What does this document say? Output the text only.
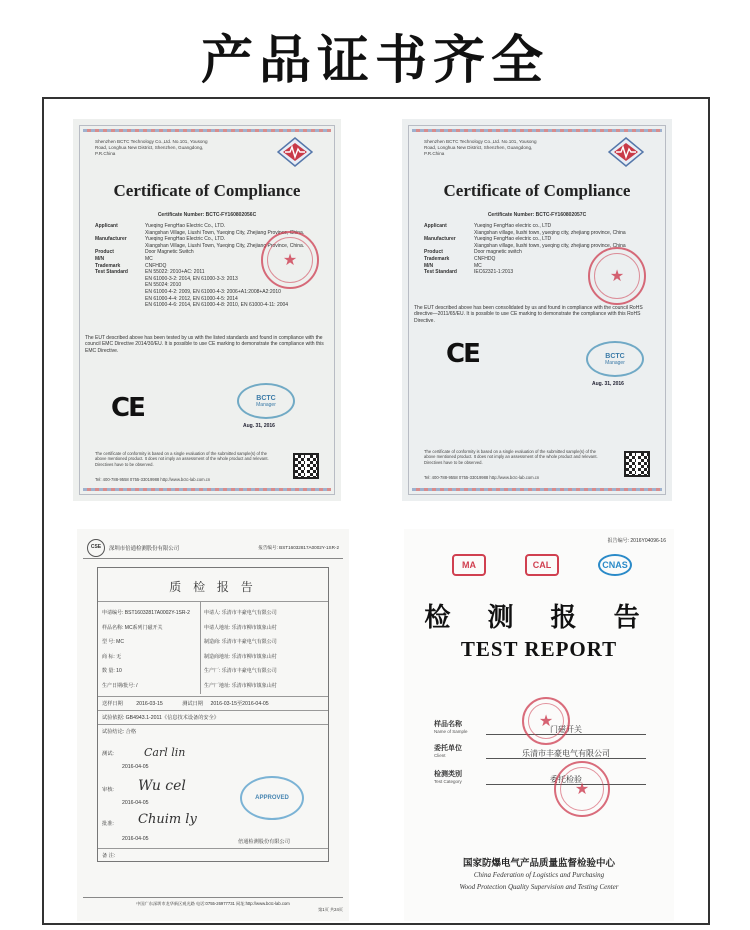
产品证书齐全
Shenzhen BCTC Technology Co.,Ltd. No.101, Yousong Road, Longhua New District, Shenzhen, Guangdong, P.R.China
Certificate of Compliance
Certificate Number: BCTC-FY160802056C
Applicant	Yueqing FengHao Electric Co., LTD.
Xiangshan Village, Liushi Town, Yueqing City, Zhejiang Province, China.
Manufacturer	Yueqing FengHao Electric Co., LTD.
Xiangshan Village, Liushi Town, Yueqing City, Zhejiang Province, China.
Product	Door Magnetic Switch
M/N	MC
Trademark	CNFHDQ
Test Standard	EN 55022: 2010+AC: 2011
EN 61000-3-2: 2014, EN 61000-3-3: 2013
EN 55024: 2010
EN 61000-4-2: 2009, EN 61000-4-3: 2006+A1:2008+A2:2010
EN 61000-4-4: 2012, EN 61000-4-5: 2014
EN 61000-4-6: 2014, EN 61000-4-8: 2010, EN 61000-4-11: 2004
★
The EUT described above has been tested by us with the listed standards and found in compliance with the council EMC Directive 2014/30/EU. It is possible to use CE marking to demonstrate the compliance with this EMC Directive.
CE	BCTC
Manager
Aug. 31, 2016
The certificate of conformity is based on a single evaluation of the submitted sample(s) of the above mentioned product. It does not imply an assessment of the whole product and relevant. Directives have to be observed.
Tel: 400-788-9558 0755-33019988 http://www.bctc-lab.com.cn
Shenzhen BCTC Technology Co.,Ltd. No.101, Yousong Road, Longhua New District, Shenzhen, Guangdong, P.R.China
Certificate of Compliance
Certificate Number: BCTC-FY160802057C
Applicant	Yueqing FengHao electric co., LTD
Xiangshan village, liushi town, yueqing city, zhejiang province, China
Manufacturer	Yueqing FengHao electric co., LTD
Xiangshan village, liushi town, yueqing city, zhejiang province, China
Product	Door magnetic switch
Trademark	CNFHDQ
M/N	MC
Test Standard	IEC62321-1:2013	★
The EUT described above has been consolidated by us and found in compliance with the council RoHS directive—2011/65/EU. It is possible to use CE marking to demonstrate the compliance with this RoHS Directive.
CE	BCTC
Manager
Aug. 31, 2016
The certificate of conformity is based on a single evaluation of the submitted sample(s) of the above mentioned product. It does not imply an assessment of the whole product and relevant. Directives have to be observed.
Tel: 400-788-9558 0755-33019988 http://www.bctc-lab.com.cn
CSE	深圳市倍通检测股份有限公司	报告编号: BST16032817A0002Y-1SR-2
质 检 报 告
申请编号: BST16032817A0002Y-1SR-2
样品名称: MC系列门磁开关
型 号: MC
商 标: 无
数 量: 10
生产日期/批号: /
申请人: 乐清市丰豪电气有限公司
申请人地址: 乐清市柳市镇象山村
制造商: 乐清市丰豪电气有限公司
制造商地址: 乐清市柳市镇象山村
生产厂: 乐清市丰豪电气有限公司
生产厂地址: 乐清市柳市镇象山村
送样日期	2016-03-15	测试日期 2016-03-15至2016-04-05
试验依据: GB4943.1-2011《信息技术设备的安全》
试验结论: 合格
测试:	Carl lin
2016-04-05
审核:	Wu cel
2016-04-05
批准:	Chuim ly
2016-04-05
APPROVED
倍通检测股份有限公司
备 注:
中国广东深圳市龙华新区观光路 电话:0755-26977731 网址:http://www.bctc-lab.com
第1页 共24页
报告编号: 2016Y04096-16
MA	CAL	CNAS
检 测 报 告
TEST REPORT
样品名称
Name of Sample	门磁开关
委托单位
Client	乐清市丰豪电气有限公司
检测类别
Test Category	委托检验
★
★
国家防爆电气产品质量监督检验中心
China Federation of Logistics and Purchasing
Wood Protection Quality Supervision and Testing Center
